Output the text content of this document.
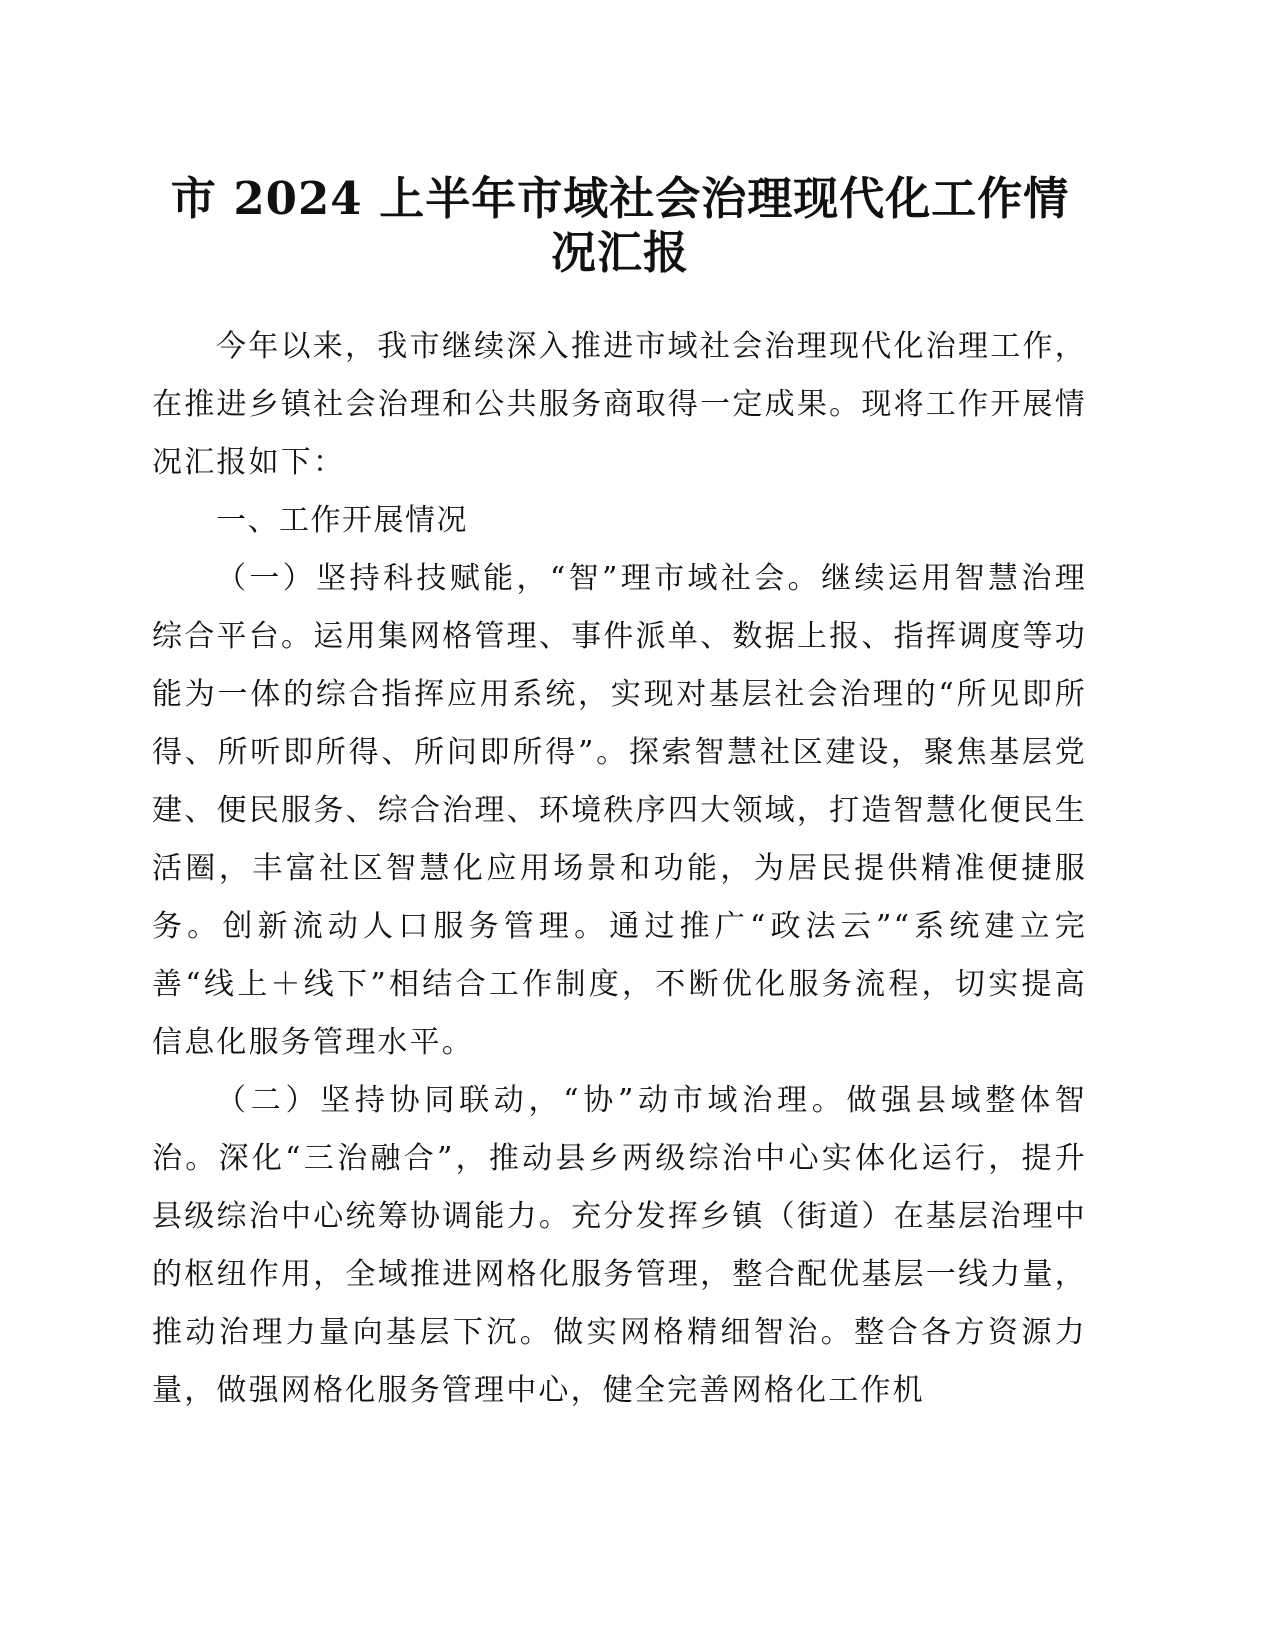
市 2024 上半年市域社会治理现代化工作情况汇报

今年以来，我市继续深入推进市域社会治理现代化治理工作，在推进乡镇社会治理和公共服务商取得一定成果。现将工作开展情况汇报如下：

一、工作开展情况

（一）坚持科技赋能，“智”理市域社会。继续运用智慧治理综合平台。运用集网格管理、事件派单、数据上报、指挥调度等功能为一体的综合指挥应用系统，实现对基层社会治理的“所见即所得、所听即所得、所问即所得”。探索智慧社区建设，聚焦基层党建、便民服务、综合治理、环境秩序四大领域，打造智慧化便民生活圈，丰富社区智慧化应用场景和功能，为居民提供精准便捷服务。创新流动人口服务管理。通过推广“政法云”“系统建立完善“线上＋线下”相结合工作制度，不断优化服务流程，切实提高信息化服务管理水平。

（二）坚持协同联动，“协”动市域治理。做强县域整体智治。深化“三治融合”，推动县乡两级综治中心实体化运行，提升县级综治中心统筹协调能力。充分发挥乡镇（街道）在基层治理中的枢纽作用，全域推进网格化服务管理，整合配优基层一线力量，推动治理力量向基层下沉。做实网格精细智治。整合各方资源力量，做强网格化服务管理中心，健全完善网格化工作机
